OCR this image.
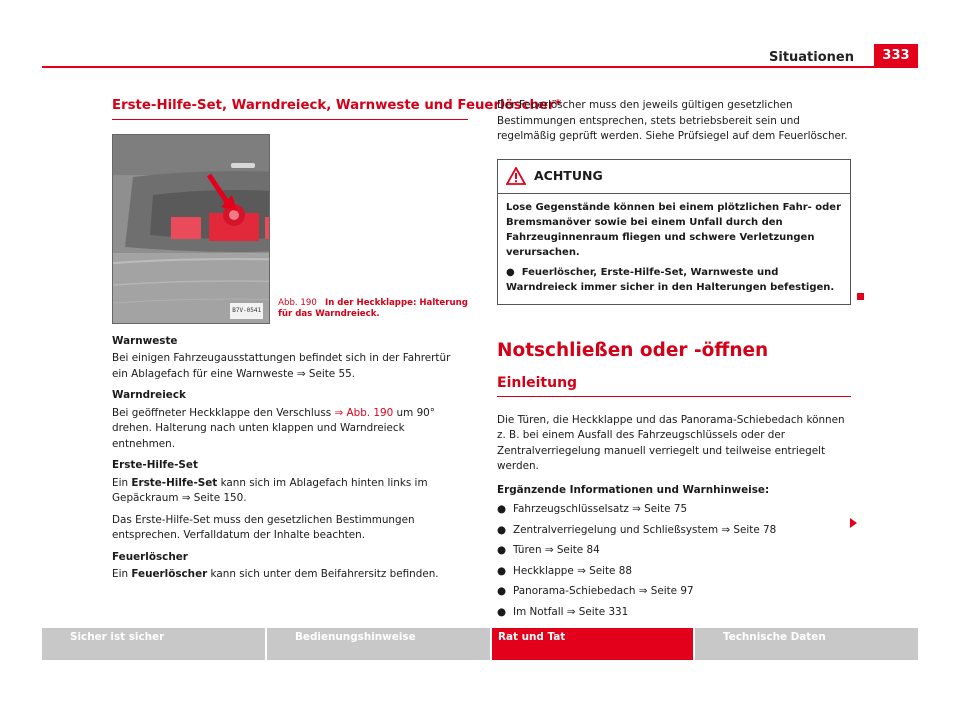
Situationen	333
Erste-Hilfe-Set, Warndreieck, Warnweste und Feuerlöscher*
B7V-0541
Abb. 190 In der Heckklappe: Halterung für das Warndreieck.
Warnweste

Bei einigen Fahrzeugausstattungen befindet sich in der Fahrertür ein Ablagefach für eine Warnweste ⇒ Seite 55.

Warndreieck

Bei geöffneter Heckklappe den Verschluss ⇒ Abb. 190 um 90° drehen. Halterung nach unten klappen und Warndreieck entnehmen.

Erste-Hilfe-Set

Ein Erste-Hilfe-Set kann sich im Ablagefach hinten links im Gepäckraum ⇒ Seite 150.

Das Erste-Hilfe-Set muss den gesetzlichen Bestimmungen entsprechen. Verfalldatum der Inhalte beachten.

Feuerlöscher

Ein Feuerlöscher kann sich unter dem Beifahrersitz befinden.

Der Feuerlöscher muss den jeweils gültigen gesetzlichen Bestimmungen entsprechen, stets betriebsbereit sein und regelmäßig geprüft werden. Siehe Prüfsiegel auf dem Feuerlöscher.

ACHTUNG

Lose Gegenstände können bei einem plötzlichen Fahr- oder Bremsmanöver sowie bei einem Unfall durch den Fahrzeuginnenraum fliegen und schwere Verletzungen verursachen.

● Feuerlöscher, Erste-Hilfe-Set, Warnweste und Warndreieck immer sicher in den Halterungen befestigen.

Notschließen oder -öffnen
Einleitung

Die Türen, die Heckklappe und das Panorama-Schiebedach können z. B. bei einem Ausfall des Fahrzeugschlüssels oder der Zentralverriegelung manuell verriegelt und teilweise entriegelt werden.

Ergänzende Informationen und Warnhinweise:
● Fahrzeugschlüsselsatz ⇒ Seite 75
● Zentralverriegelung und Schließsystem ⇒ Seite 78
● Türen ⇒ Seite 84
● Heckklappe ⇒ Seite 88
● Panorama-Schiebedach ⇒ Seite 97
● Im Notfall ⇒ Seite 331
Sicher ist sicher	Bedienungshinweise	Rat und Tat	Technische Daten
